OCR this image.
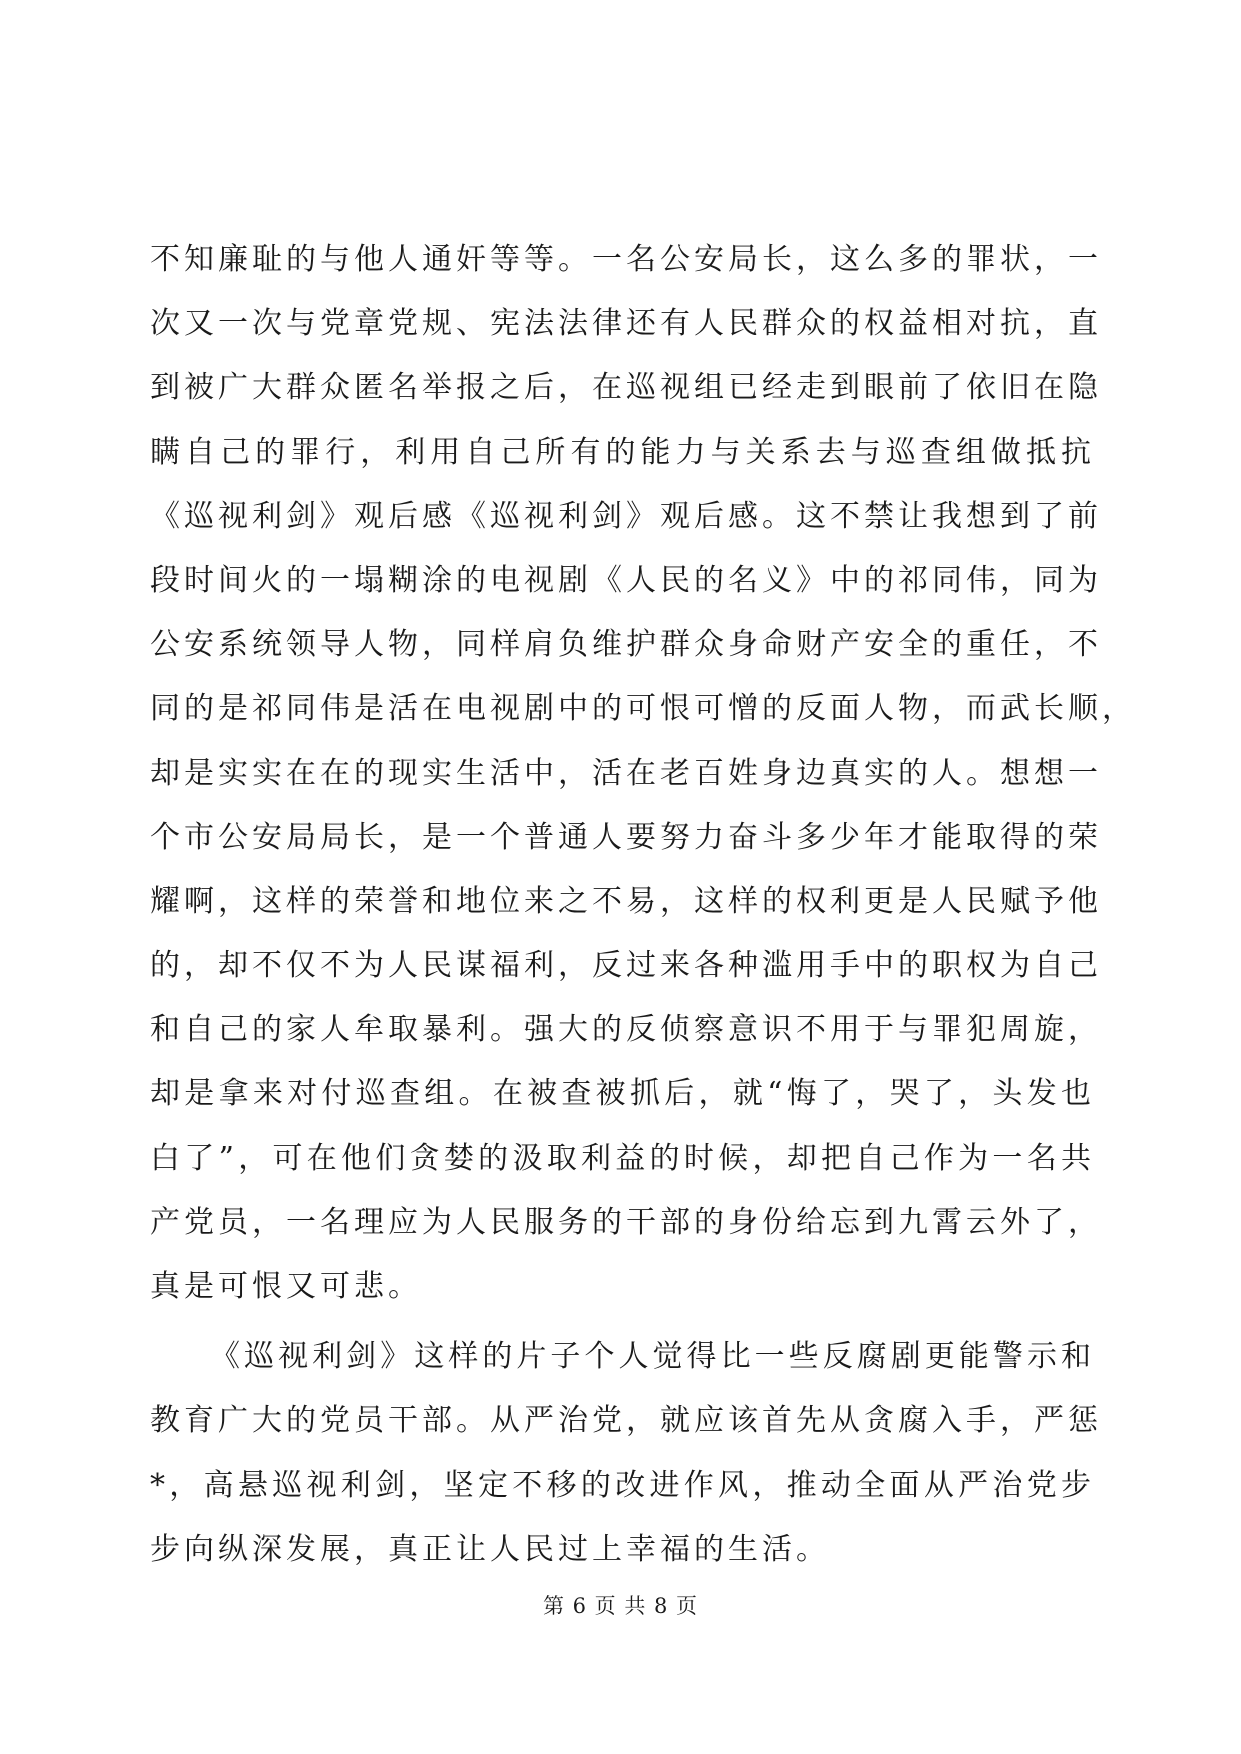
不知廉耻的与他人通奸等等。一名公安局长，这么多的罪状，一
次又一次与党章党规、宪法法律还有人民群众的权益相对抗，直
到被广大群众匿名举报之后，在巡视组已经走到眼前了依旧在隐
瞒自己的罪行，利用自己所有的能力与关系去与巡查组做抵抗
《巡视利剑》观后感《巡视利剑》观后感。这不禁让我想到了前
段时间火的一塌糊涂的电视剧《人民的名义》中的祁同伟，同为
公安系统领导人物，同样肩负维护群众身命财产安全的重任，不
同的是祁同伟是活在电视剧中的可恨可憎的反面人物，而武长顺，
却是实实在在的现实生活中，活在老百姓身边真实的人。想想一
个市公安局局长，是一个普通人要努力奋斗多少年才能取得的荣
耀啊，这样的荣誉和地位来之不易，这样的权利更是人民赋予他
的，却不仅不为人民谋福利，反过来各种滥用手中的职权为自己
和自己的家人牟取暴利。强大的反侦察意识不用于与罪犯周旋，
却是拿来对付巡查组。在被查被抓后，就“悔了，哭了，头发也
白了”，可在他们贪婪的汲取利益的时候，却把自己作为一名共
产党员，一名理应为人民服务的干部的身份给忘到九霄云外了，
真是可恨又可悲。
《巡视利剑》这样的片子个人觉得比一些反腐剧更能警示和
教育广大的党员干部。从严治党，就应该首先从贪腐入手，严惩
*，高悬巡视利剑，坚定不移的改进作风，推动全面从严治党步
步向纵深发展，真正让人民过上幸福的生活。
第 6 页 共 8 页
